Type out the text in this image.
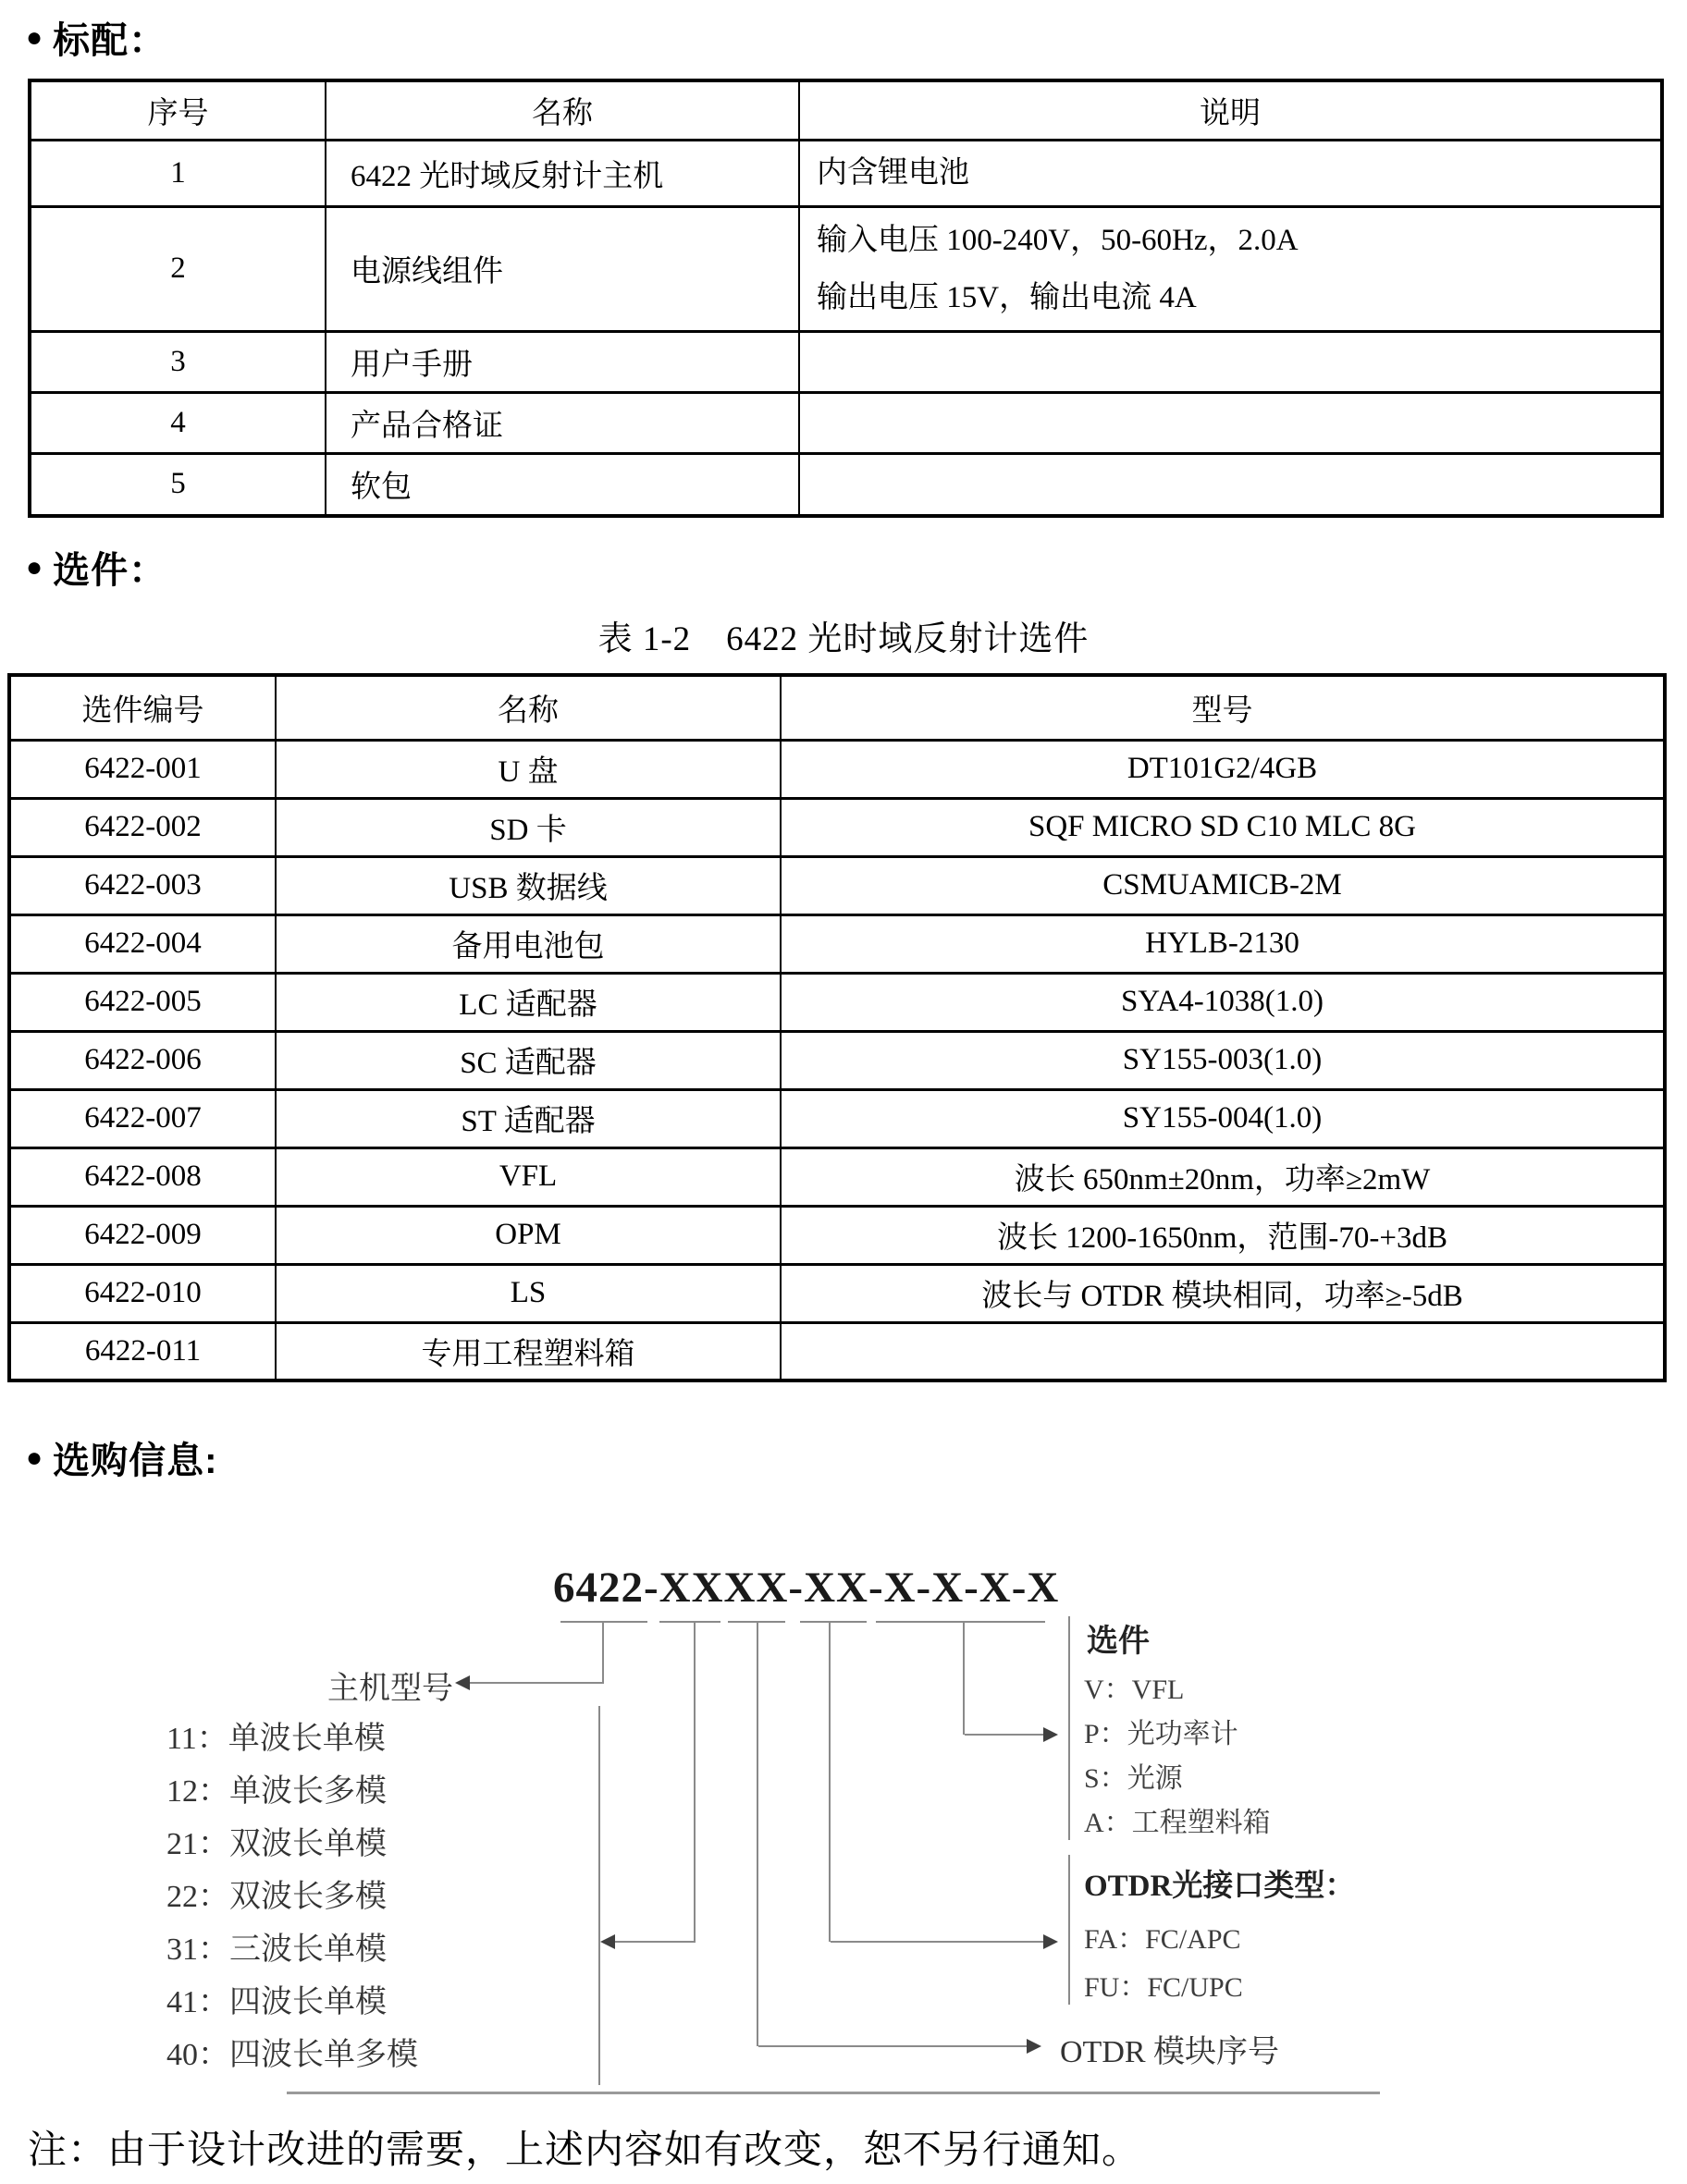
● 标配：
序号	名称	说明
1	6422 光时域反射计主机	内含锂电池

2	电源线组件	输入电压 100-240V，50-60Hz，2.0A
输出电压 15V，输出电流 4A

3	用户手册	
4	产品合格证	
5	软包	
● 选件：
表 1-2　6422 光时域反射计选件
选件编号	名称	型号
6422-001	U 盘	DT101G2/4GB
6422-002	SD 卡	SQF MICRO SD C10 MLC 8G
6422-003	USB 数据线	CSMUAMICB-2M
6422-004	备用电池包	HYLB-2130
6422-005	LC 适配器	SYA4-1038(1.0)
6422-006	SC 适配器	SY155-003(1.0)
6422-007	ST 适配器	SY155-004(1.0)
6422-008	VFL	波长 650nm±20nm，功率≥2mW
6422-009	OPM	波长 1200-1650nm，范围-70-+3dB
6422-010	LS	波长与 OTDR 模块相同，功率≥-5dB
6422-011	专用工程塑料箱	
● 选购信息:
6422-XXXX-XX-X-X-X-X
主机型号
11：单波长单模
12：单波长多模
21：双波长单模
22：双波长多模
31：三波长单模
41：四波长单模
40：四波长单多模
选件
V：VFL
P：光功率计
S：光源
A：工程塑料箱
OTDR光接口类型：
FA：FC/APC
FU：FC/UPC
OTDR 模块序号
注：由于设计改进的需要，上述内容如有改变，恕不另行通知。
